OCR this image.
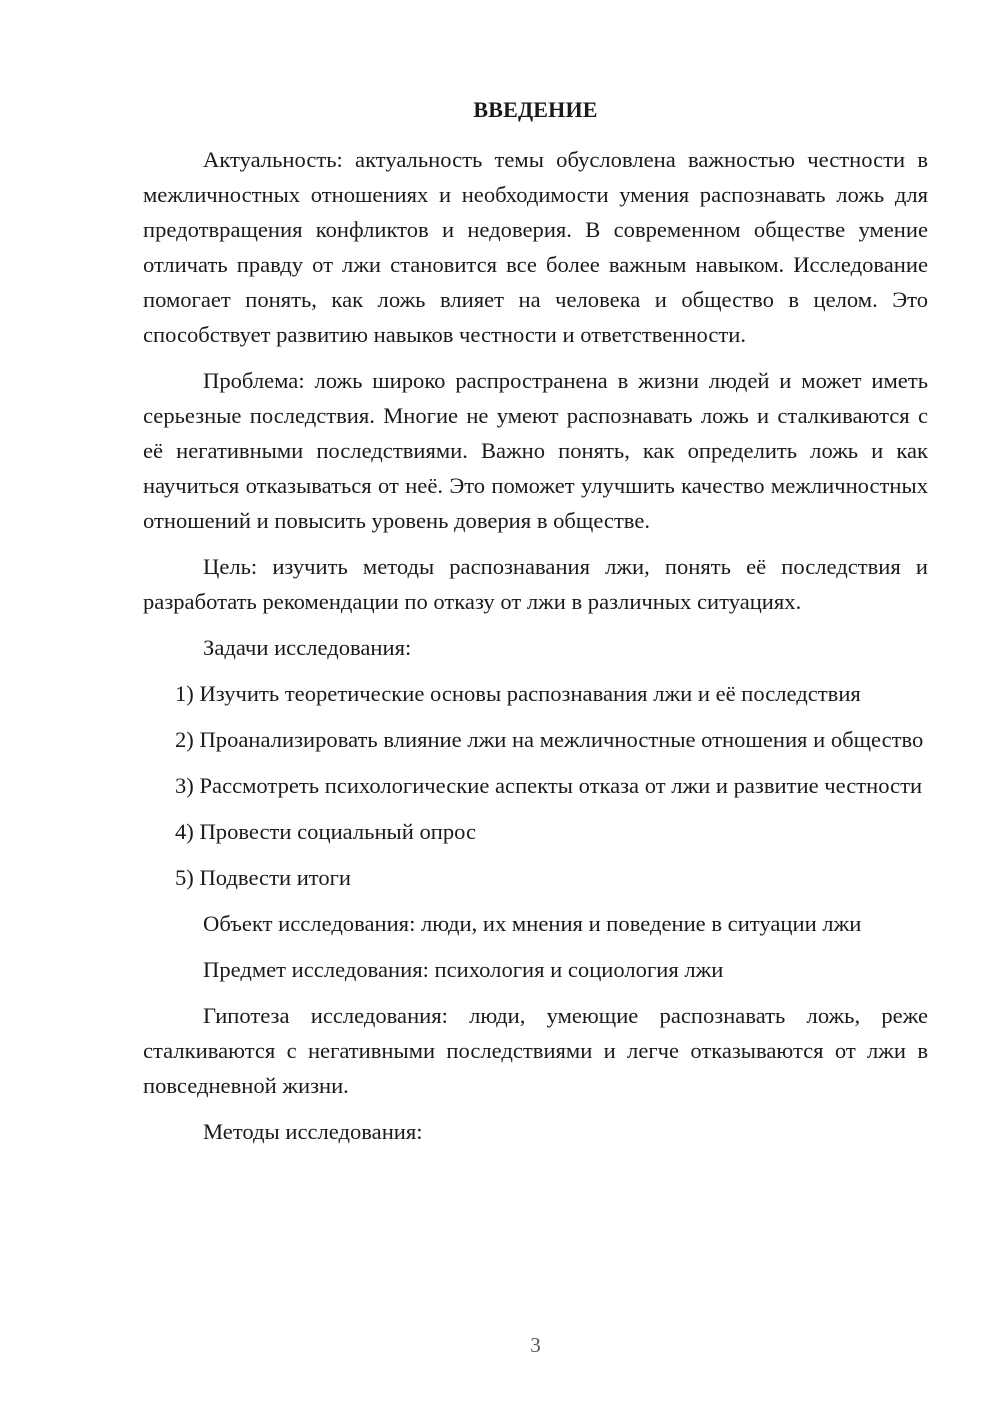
ВВЕДЕНИЕ

Актуальность: актуальность темы обусловлена важностью честности в межличностных отношениях и необходимости умения распознавать ложь для предотвращения конфликтов и недоверия. В современном обществе умение отличать правду от лжи становится все более важным навыком. Исследование помогает понять, как ложь влияет на человека и общество в целом. Это способствует развитию навыков честности и ответственности.

Проблема: ложь широко распространена в жизни людей и может иметь серьезные последствия. Многие не умеют распознавать ложь и сталкиваются с её негативными последствиями. Важно понять, как определить ложь и как научиться отказываться от неё. Это поможет улучшить качество межличностных отношений и повысить уровень доверия в обществе.

Цель: изучить методы распознавания лжи, понять её последствия и разработать рекомендации по отказу от лжи в различных ситуациях.

Задачи исследования:

1) Изучить теоретические основы распознавания лжи и её последствия

2) Проанализировать влияние лжи на межличностные отношения и общество

3) Рассмотреть психологические аспекты отказа от лжи и развитие честности

4) Провести социальный опрос

5) Подвести итоги

Объект исследования: люди, их мнения и поведение в ситуации лжи

Предмет исследования: психология и социология лжи

Гипотеза исследования: люди, умеющие распознавать ложь, реже сталкиваются с негативными последствиями и легче отказываются от лжи в повседневной жизни.

Методы исследования:

3
